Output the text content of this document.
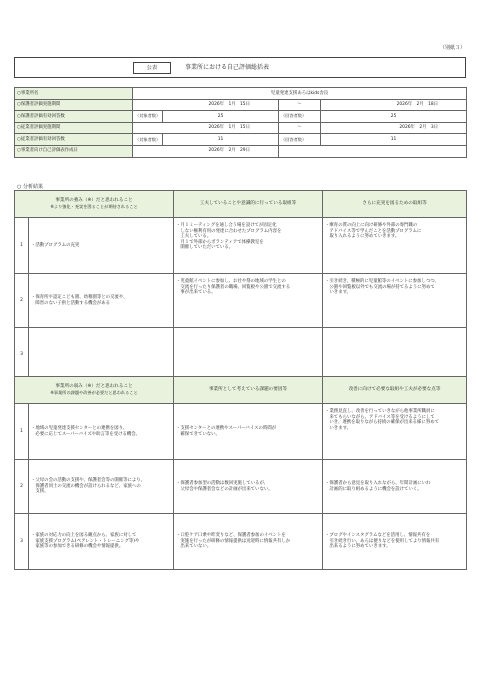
（別紙３）
公表	事業所における自己評価総括表
○事業所名	児童発達支援あろはkids舎良			
○保護者評価実施期間	2026年　1月　15日		〜	2026年　2月　18日
○保護者評価有効回答数	（対象者数）	25	（回答者数）	25
○従業者評価実施期間	2026年　1月　15日		〜	2026年　2月　3日
○従業者評価有効回答数	（対象者数）	11	（回答者数）	11
○事業者向け自己評価表作成日	2026年　2月　29日			
○ 分析結果
事業所の強み（※）だと思われること
※より強化・充実を図ることが期待されること		工夫していることや意識的に行っている取組等	さらに充実を図るための取組等
1	・活動プログラムの充実	・月１ミーティングを通し合う場を設けてが固定化
　しない権利有用の発達に合わせたプログラム内容を
　工夫している。
　月１で外部からボランティアで体操教室を
　開催していただいている。	・療育の質の向上に向け研修や外部の専門職の
　アドバイス等で学んだことを活動プログラムに
　取り入れるように努めていきます。

2	・保育所や認定こども園、幼稚園等との交流や、
　障害のない子供と活動する機会がある	・児童館イベントに参加し、お社や祭の地域の学生との
　交流を行ったり保護者の職場、回覧板や公園で交流する
　事が出来ている。	・引き続き、積極的に児童館等のイベントに参加しつつ、
　公園や回覧板以外でも交流の場が持てるように努めて
　いきます。

3			
事業所の弱み（※）だと思われること
※事業所の課題や改善が必要だと思われること		事業所として考えている課題の要因等	改善に向けて必要な取組や工夫が必要な点等
1	・地域の児童発達支援センターとの連携を図り、
　必要に応じてスーパーバイズや助言等を受ける機会。	・支援センターとの連携やスーパーバイスの時間が
　確保できていない。	・業務見直し、改善を行っていきながら他事業所職員に
　来てもらいながら、アドバイス等を受けるようにして
　いき、連携を取りながら持続の確保が出来る様に努めて
　いきます。

2	・父母の会の活動の支援や、保護者会等の開催等により、
　保護者同士の交流の機会が設けられるなど、家族への
　支援。	・保護者参加型の活動は数回実施しているが、
　父母会や保護者会などの計画が出来ていない。	・保護者から意見を取り入れながら、年間計画にいれ
　計画的に取り組めるように機会を設けていく。

3	・家族の対応力の向上を図る観点から、家族に対して
　家族支援プログラム(ペアレント・トレーニング等)や
　家族等の参加できる研修の機会や情報提供。	・口腔ケア口乗や昨変りなど、保護者参加のイベントを
　実施を行ったが研修の情報提供は送迎時に情報共有しか
　出来ていない。	・ブログやインスタグラムなどを活用し、情報共有を
　引き続き行い、あろは便りなどを使用してより情報共有
　出来るように努めていきます。
